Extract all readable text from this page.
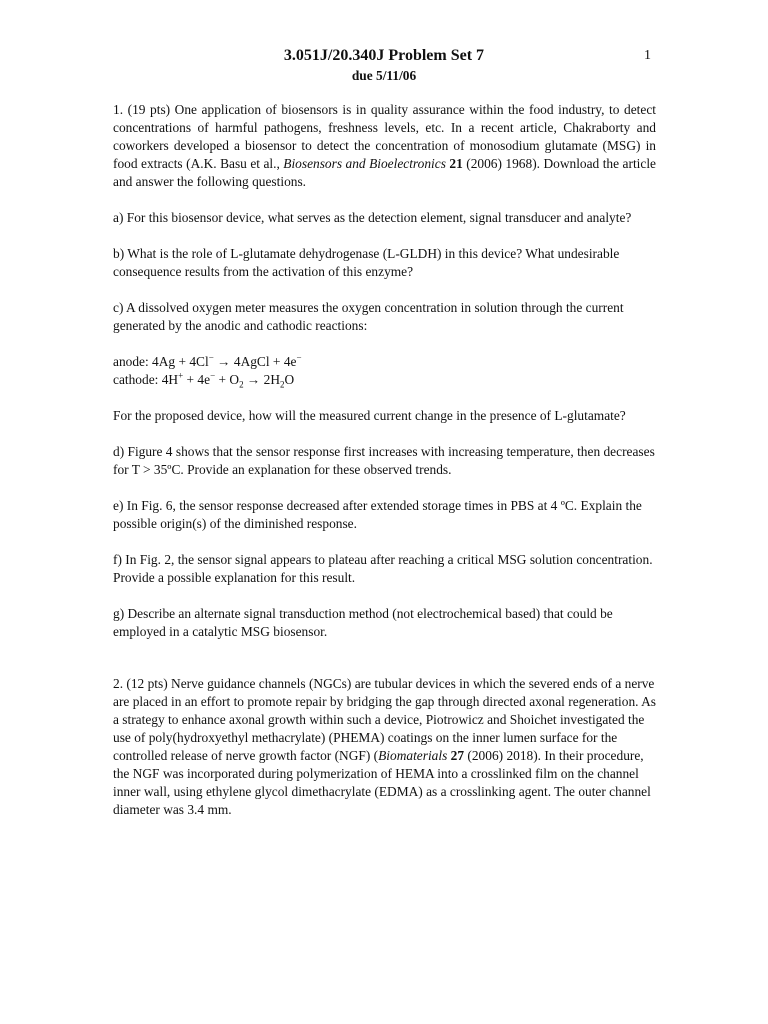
3.051J/20.340J Problem Set 7
due 5/11/06
1

1. (19 pts) One application of biosensors is in quality assurance within the food industry, to detect concentrations of harmful pathogens, freshness levels, etc. In a recent article, Chakraborty and coworkers developed a biosensor to detect the concentration of monosodium glutamate (MSG) in food extracts (A.K. Basu et al., Biosensors and Bioelectronics 21 (2006) 1968). Download the article and answer the following questions.

a) For this biosensor device, what serves as the detection element, signal transducer and analyte?

b) What is the role of L-glutamate dehydrogenase (L-GLDH) in this device? What undesirable consequence results from the activation of this enzyme?

c) A dissolved oxygen meter measures the oxygen concentration in solution through the current generated by the anodic and cathodic reactions:

anode: 4Ag + 4Cl− → 4AgCl + 4e−

cathode: $4H^+ + 4e^- + O_2 \to 2H_2O$

For the proposed device, how will the measured current change in the presence of L-glutamate?

d) Figure 4 shows that the sensor response first increases with increasing temperature, then decreases for T > 35ºC. Provide an explanation for these observed trends.

e) In Fig. 6, the sensor response decreased after extended storage times in PBS at 4 ºC. Explain the possible origin(s) of the diminished response.

f) In Fig. 2, the sensor signal appears to plateau after reaching a critical MSG solution concentration. Provide a possible explanation for this result.

g) Describe an alternate signal transduction method (not electrochemical based) that could be employed in a catalytic MSG biosensor.

2. (12 pts) Nerve guidance channels (NGCs) are tubular devices in which the severed ends of a nerve are placed in an effort to promote repair by bridging the gap through directed axonal regeneration. As a strategy to enhance axonal growth within such a device, Piotrowicz and Shoichet investigated the use of poly(hydroxyethyl methacrylate) (PHEMA) coatings on the inner lumen surface for the controlled release of nerve growth factor (NGF) (Biomaterials 27 (2006) 2018). In their procedure, the NGF was incorporated during polymerization of HEMA into a crosslinked film on the channel inner wall, using ethylene glycol dimethacrylate (EDMA) as a crosslinking agent. The outer channel diameter was 3.4 mm.
